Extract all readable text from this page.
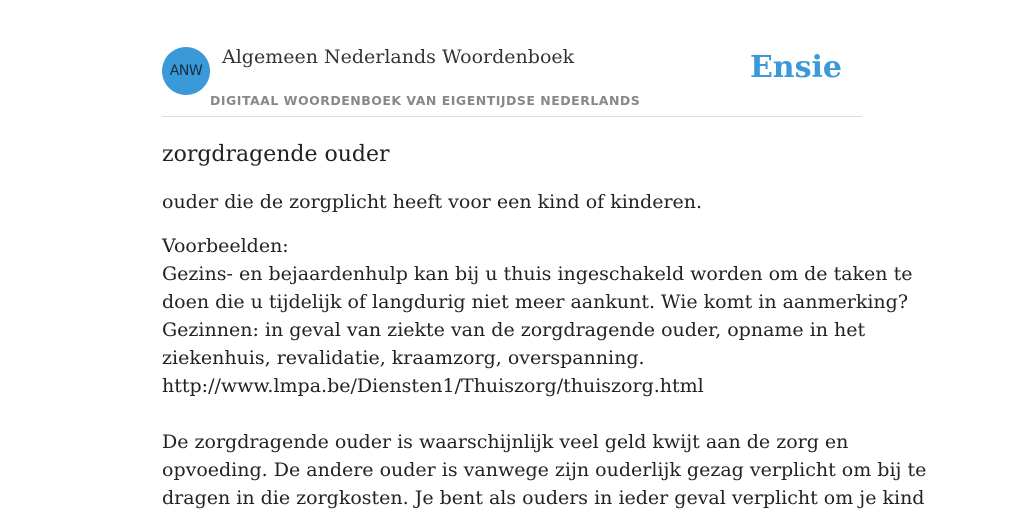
ANW
Algemeen Nederlands Woordenboek
DIGITAAL WOORDENBOEK VAN EIGENTIJDSE NEDERLANDS
Ensie
zorgdragende ouder

ouder die de zorgplicht heeft voor een kind of kinderen.

Voorbeelden:
Gezins- en bejaardenhulp kan bij u thuis ingeschakeld worden om de taken te
doen die u tijdelijk of langdurig niet meer aankunt. Wie komt in aanmerking?
Gezinnen: in geval van ziekte van de zorgdragende ouder, opname in het
ziekenhuis, revalidatie, kraamzorg, overspanning.
http://www.lmpa.be/Diensten1/Thuiszorg/thuiszorg.html
De zorgdragende ouder is waarschijnlijk veel geld kwijt aan de zorg en
opvoeding. De andere ouder is vanwege zijn ouderlijk gezag verplicht om bij te
dragen in die zorgkosten. Je bent als ouders in ieder geval verplicht om je kind
